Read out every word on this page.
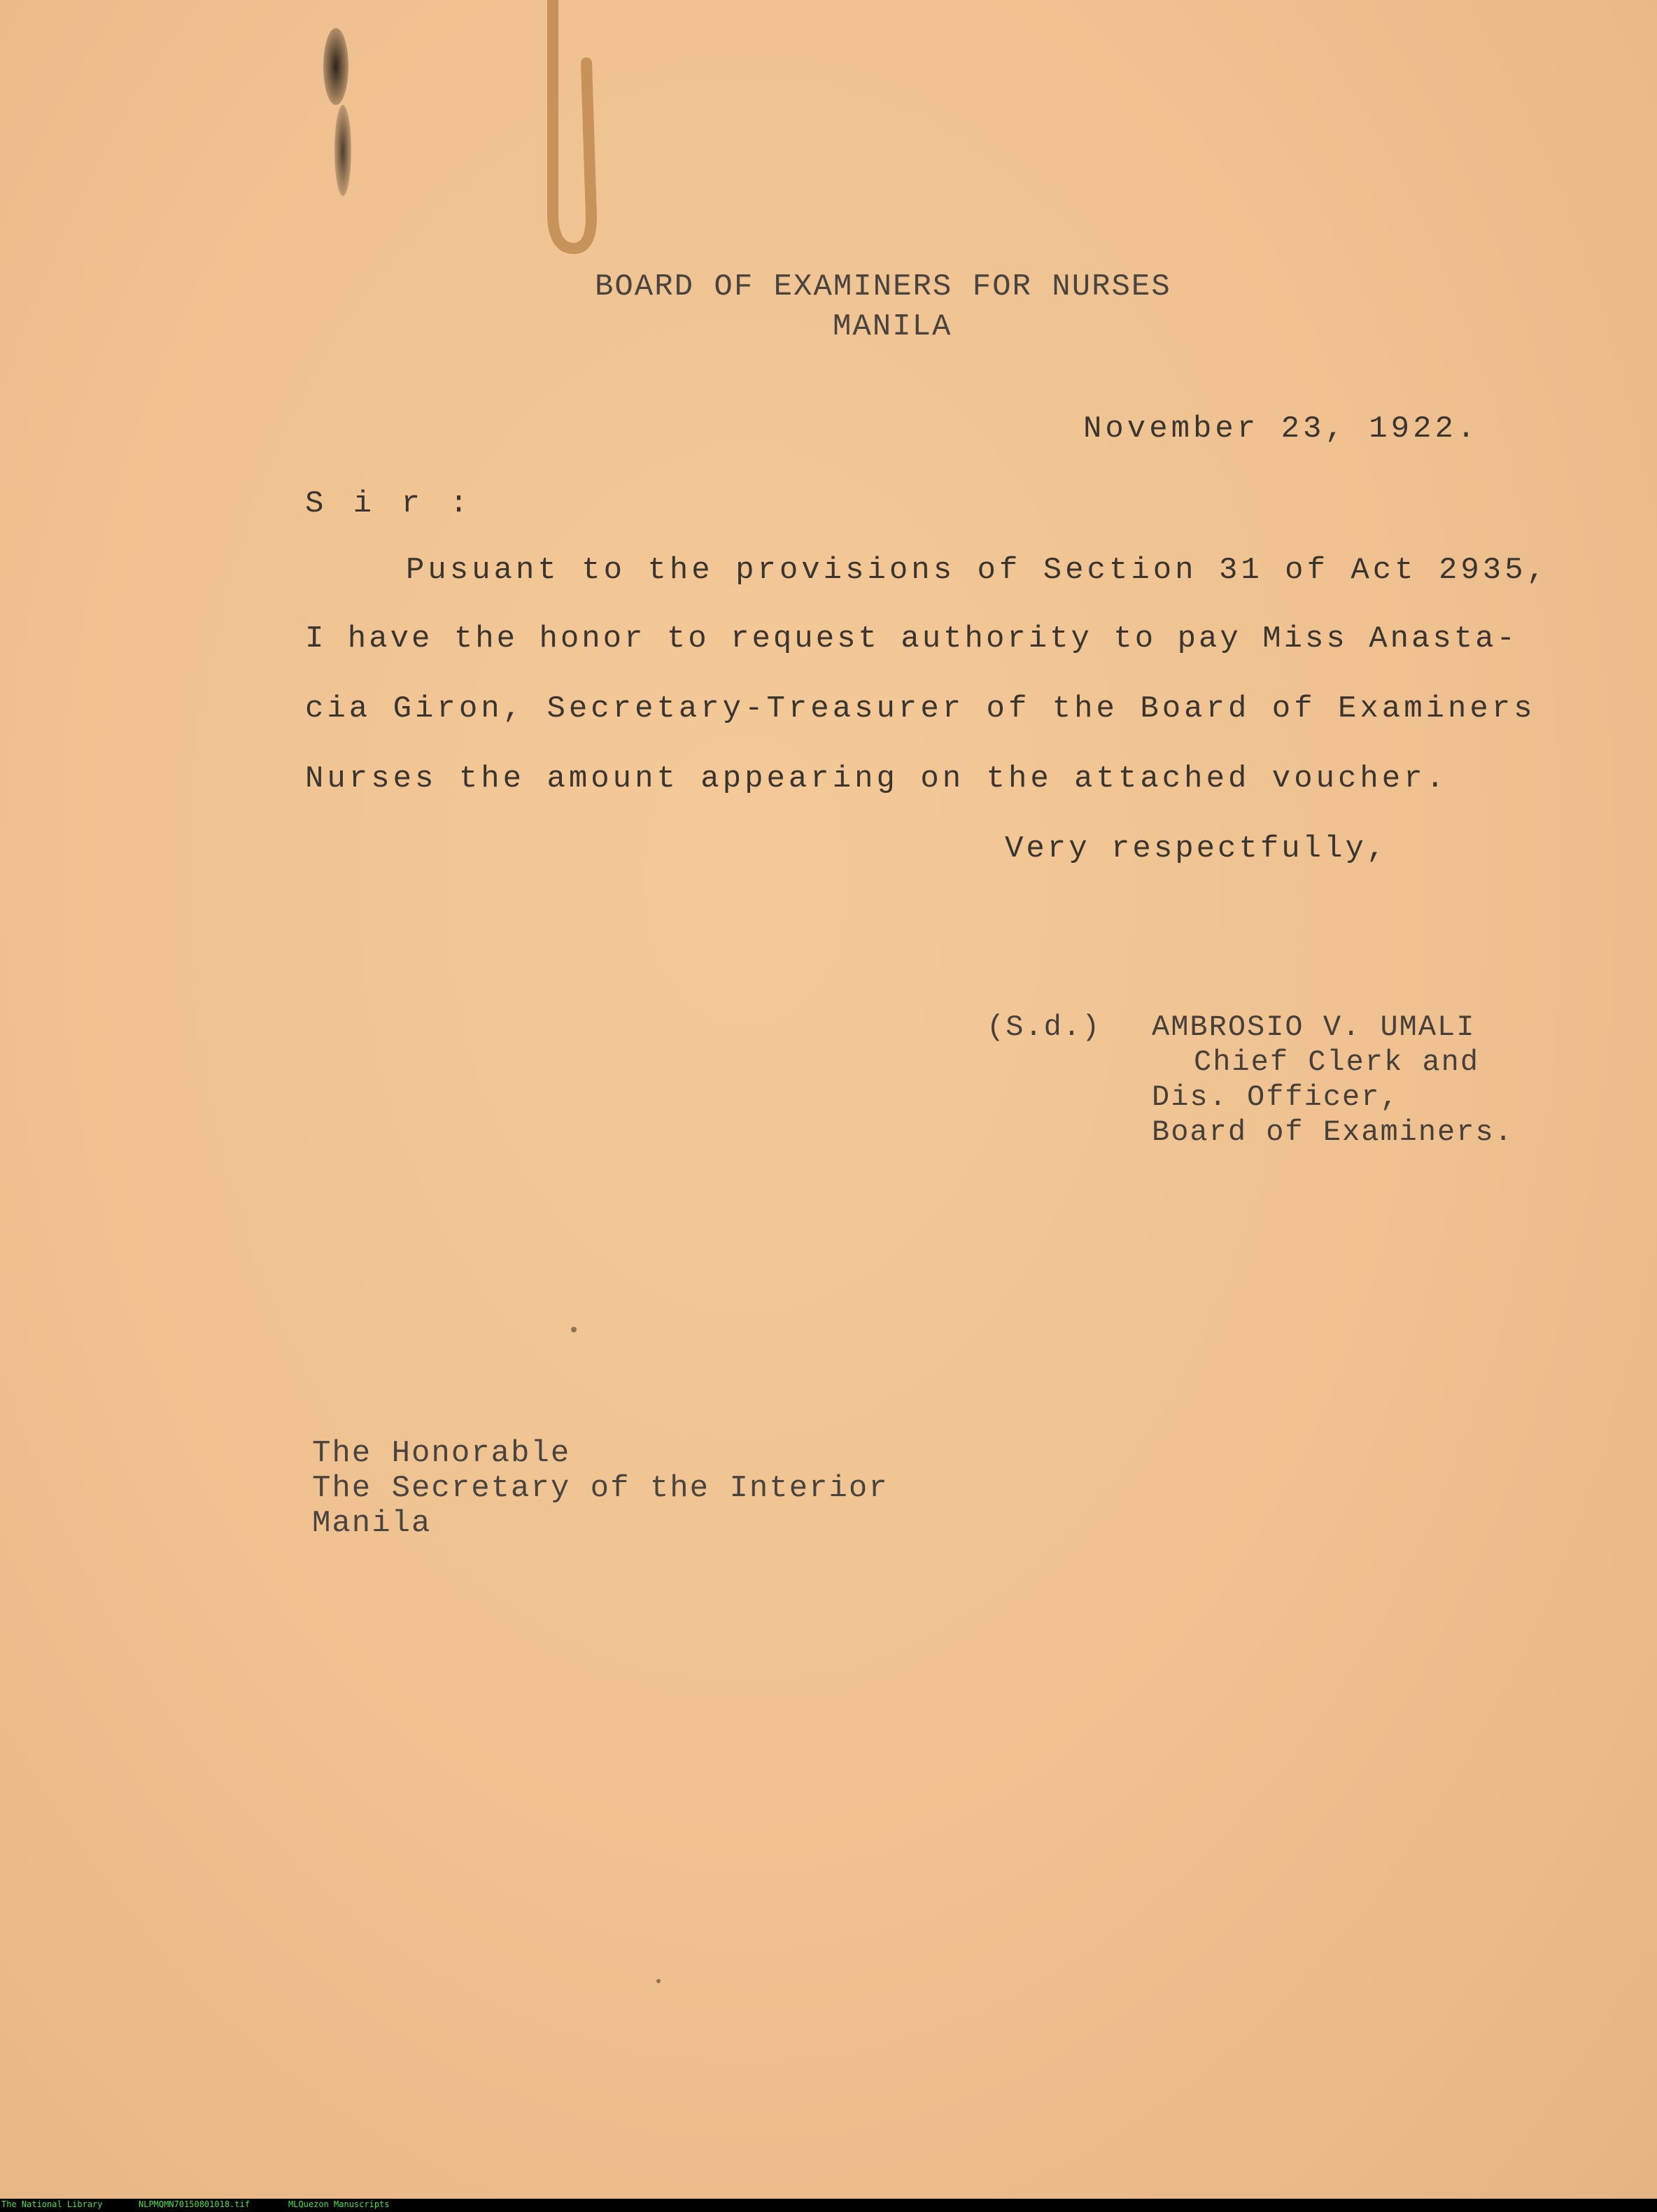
BOARD OF EXAMINERS FOR NURSES
MANILA
November 23, 1922.
S i r :
Pusuant to the provisions of Section 31 of Act 2935,
I have the honor to request authority to pay Miss Anasta-
cia Giron, Secretary-Treasurer of the Board of Examiners
Nurses the amount appearing on the attached voucher.
Very respectfully,
(S.d.) AMBROSIO V. UMALI
Chief Clerk and
Dis. Officer,
Board of Examiners.
The Honorable
The Secretary of the Interior
Manila
The National Library	NLPMQMN70150801018.tif	MLQuezon Manuscripts
